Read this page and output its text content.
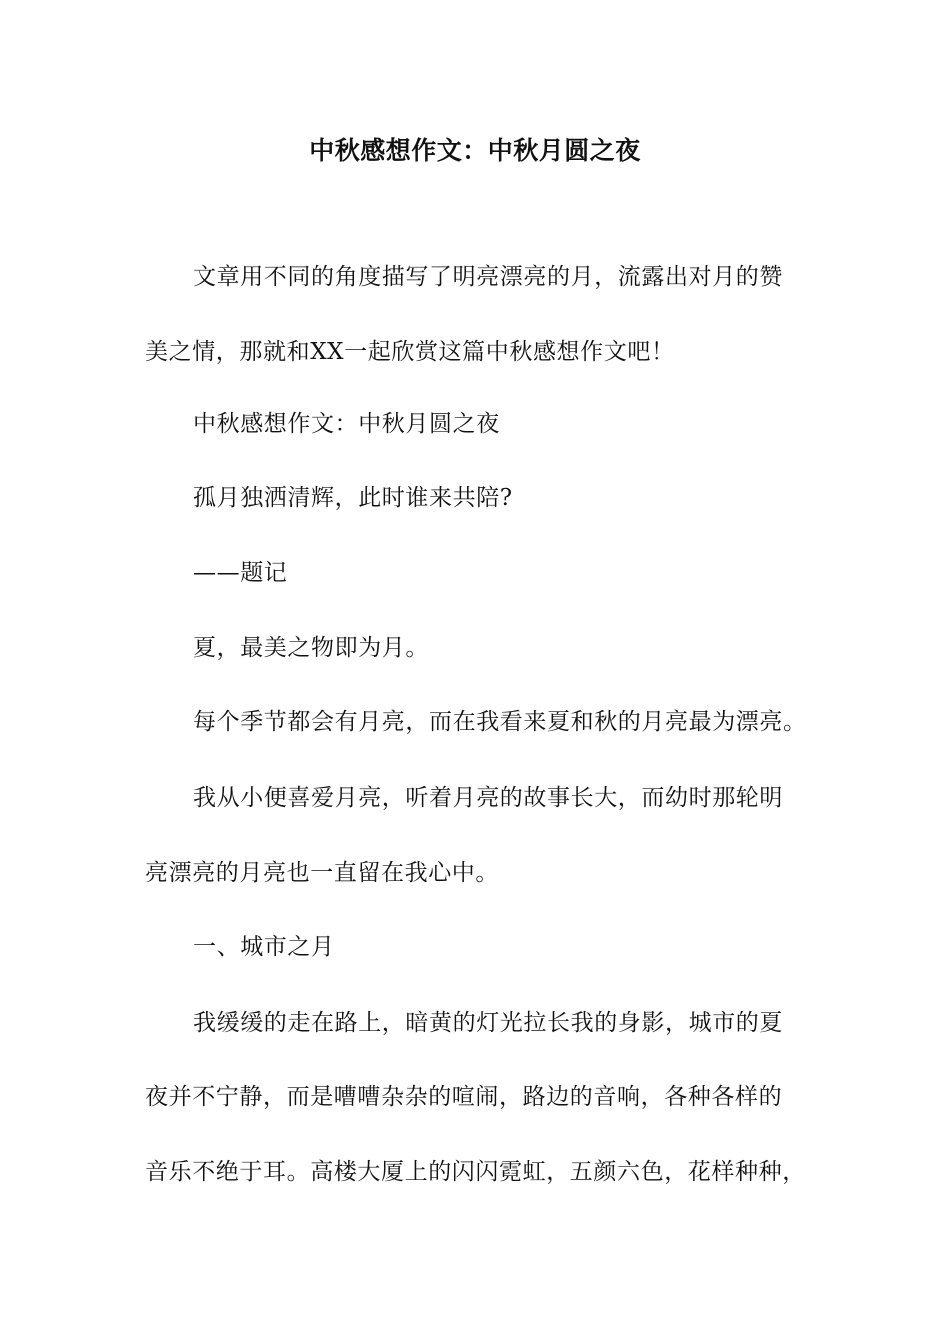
中秋感想作文：中秋月圆之夜

文章用不同的角度描写了明亮漂亮的月，流露出对月的赞

美之情，那就和XX一起欣赏这篇中秋感想作文吧！

中秋感想作文：中秋月圆之夜

孤月独洒清辉，此时谁来共陪?

——题记

夏，最美之物即为月。

每个季节都会有月亮，而在我看来夏和秋的月亮最为漂亮。

我从小便喜爱月亮，听着月亮的故事长大，而幼时那轮明

亮漂亮的月亮也一直留在我心中。

一、城市之月

我缓缓的走在路上，暗黄的灯光拉长我的身影，城市的夏

夜并不宁静，而是嘈嘈杂杂的喧闹，路边的音响，各种各样的

音乐不绝于耳。高楼大厦上的闪闪霓虹，五颜六色，花样种种，
